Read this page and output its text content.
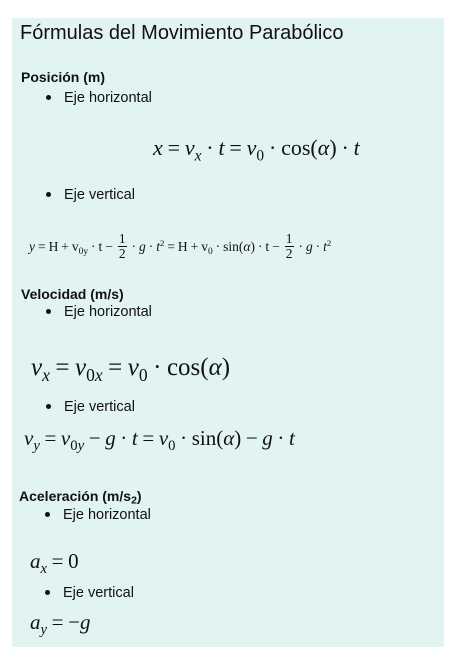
Fórmulas del Movimiento Parabólico
Posición (m)
Eje horizontal
$x = v_x \cdot t = v_0 \cdot \cos(\alpha) \cdot t$
Eje vertical
$y = H + v_{0y} \cdot t - \frac{1}{2} \cdot g \cdot t^2 = H + v_0 \cdot \sin(\alpha) \cdot t - \frac{1}{2} \cdot g \cdot t^2$
Velocidad (m/s)
Eje horizontal
$v_x = v_{0x} = v_0 \cdot \cos(\alpha)$
Eje vertical
$v_y = v_{0y} - g \cdot t = v_0 \cdot \sin(\alpha) - g \cdot t$
Aceleración (m/s2)
Eje horizontal
$a_x = 0$
Eje vertical
$a_y = -g$
